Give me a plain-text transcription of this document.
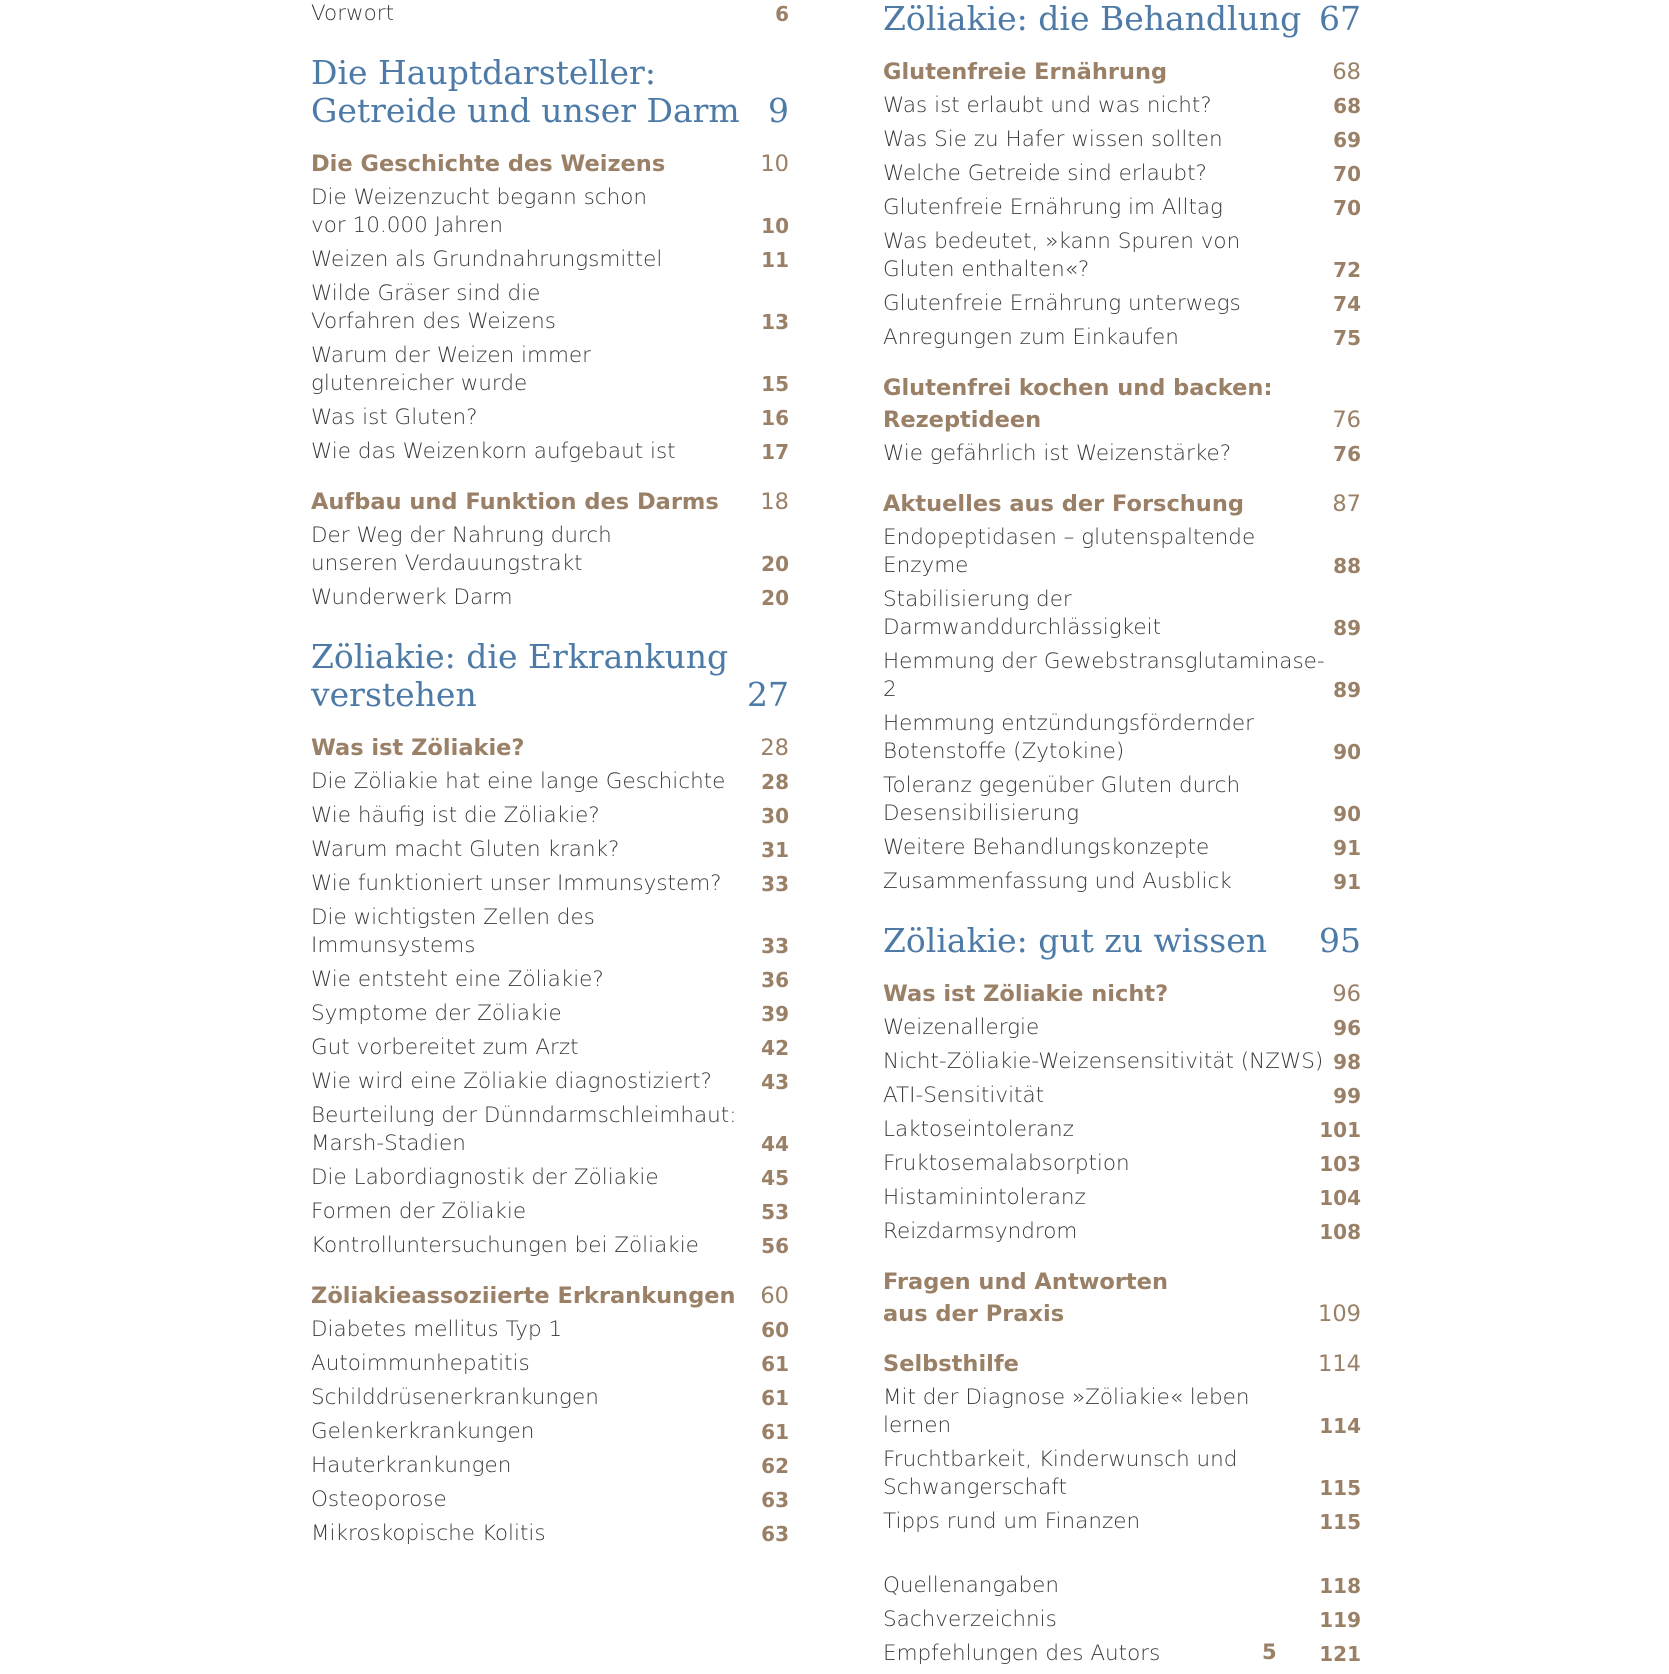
Vorwort	6
Die Hauptdarsteller:
Getreide und unser Darm 9
Die Geschichte des Weizens	10
Die Weizenzucht begann schon
vor 10.000 Jahren	10
Weizen als Grundnahrungsmittel	11
Wilde Gräser sind die
Vorfahren des Weizens	13
Warum der Weizen immer
glutenreicher wurde	15
Was ist Gluten?	16
Wie das Weizenkorn aufgebaut ist	17
Aufbau und Funktion des Darms 18
Der Weg der Nahrung durch
unseren Verdauungstrakt	20
Wunderwerk Darm	20
Zöliakie: die Erkrankung
verstehen	27
Was ist Zöliakie?	28
Die Zöliakie hat eine lange Geschichte	28
Wie häufig ist die Zöliakie?	30
Warum macht Gluten krank?	31
Wie funktioniert unser Immunsystem?	33
Die wichtigsten Zellen des
Immunsystems	33
Wie entsteht eine Zöliakie?	36
Symptome der Zöliakie	39
Gut vorbereitet zum Arzt	42
Wie wird eine Zöliakie diagnostiziert?	43
Beurteilung der Dünndarmschleimhaut:
Marsh-Stadien	44
Die Labordiagnostik der Zöliakie	45
Formen der Zöliakie	53
Kontrolluntersuchungen bei Zöliakie	56
Zöliakieassoziierte Erkrankungen 60
Diabetes mellitus Typ 1	60
Autoimmunhepatitis	61
Schilddrüsenerkrankungen	61
Gelenkerkrankungen	61
Hauterkrankungen	62
Osteoporose	63
Mikroskopische Kolitis	63
Zöliakie: die Behandlung 67
Glutenfreie Ernährung	68
Was ist erlaubt und was nicht?	68
Was Sie zu Hafer wissen sollten	69
Welche Getreide sind erlaubt?	70
Glutenfreie Ernährung im Alltag	70
Was bedeutet, »kann Spuren von
Gluten enthalten«?	72
Glutenfreie Ernährung unterwegs	74
Anregungen zum Einkaufen	75
Glutenfrei kochen und backen:
Rezeptideen	76
Wie gefährlich ist Weizenstärke?	76
Aktuelles aus der Forschung	87
Endopeptidasen – glutenspaltende Enzyme	88
Stabilisierung der Darmwanddurchlässigkeit	89
Hemmung der Gewebstransglutaminase-2	89
Hemmung entzündungsfördernder
Botenstoffe (Zytokine)	90
Toleranz gegenüber Gluten durch
Desensibilisierung	90
Weitere Behandlungskonzepte	91
Zusammenfassung und Ausblick	91
Zöliakie: gut zu wissen 95
Was ist Zöliakie nicht?	96
Weizenallergie	96
Nicht-Zöliakie-Weizensensitivität (NZWS) 98
ATI-Sensitivität	99
Laktoseintoleranz	101
Fruktosemalabsorption	103
Histaminintoleranz	104
Reizdarmsyndrom	108
Fragen und Antworten
aus der Praxis	109
Selbsthilfe	114
Mit der Diagnose »Zöliakie« leben lernen	114
Fruchtbarkeit, Kinderwunsch und
Schwangerschaft	115
Tipps rund um Finanzen	115
Quellenangaben	118
Sachverzeichnis	119
Empfehlungen des Autors	121
5
